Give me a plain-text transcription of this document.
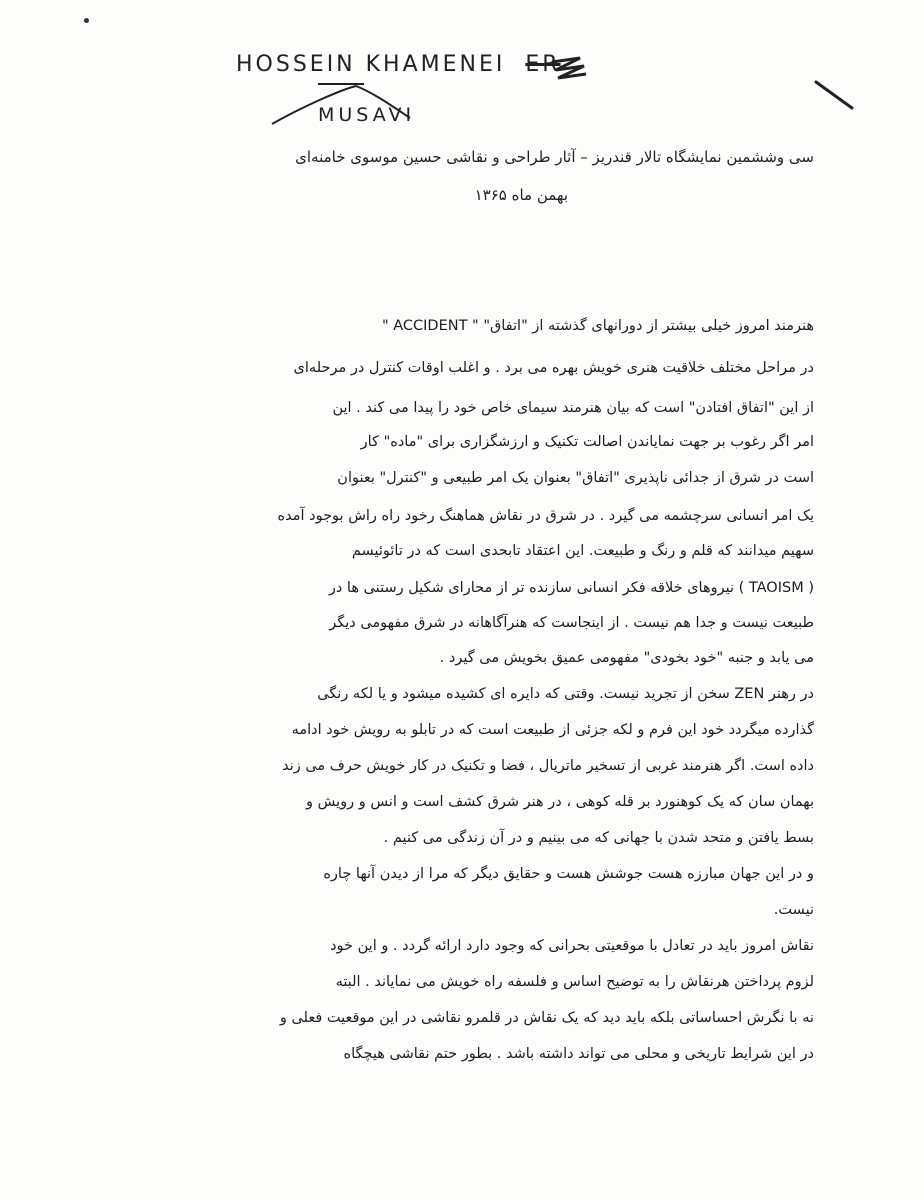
HOSSEIN KHAMENEI ER
MUSAVI
سی وششمین نمایشگاه تالار قندریز – آثار طراحی و نقاشی حسین موسوی خامنه‌ای
بهمن ماه ۱۳۶۵
هنرمند امروز خیلی بیشتر از دورانهای گذشته از "اتفاق" " ACCIDENT "
در مراحل مختلف خلاقیت هنری خویش بهره می برد . و اغلب اوقات کنترل در مرحله‌ای
از این "اتفاق افتادن" است که بیان هنرمند سیمای خاص خود را پیدا می کند . این
امر اگر رغوب بر جهت نمایاندن اصالت تکنیک و ارزشگزاری برای "ماده" کار
است در شرق از جدائی ناپذیری "اتفاق" بعنوان یک امر طبیعی و "کنترل" بعنوان
یک امر انسانی سرچشمه می گیرد . در شرق در نقاش هماهنگ رخود راه راش بوجود آمده
سهیم میدانند که قلم و رنگ و طبیعت. این اعتقاد تابحدی است که در تائوئیسم
( TAOISM ) نیروهای خلاقه فکر انسانی سازنده تر از محارای شکیل رستنی ها در
طبیعت نیست و جدا هم نیست . از اینجاست که هنرآگاهانه در شرق مفهومی دیگر
می یابد و جنبه "خود بخودی" مفهومی عمیق بخویش می گیرد .
در رهنر ZEN سخن از تجرید نیست. وقتی که دایره ای کشیده میشود و یا لکه رنگی
گذارده میگردد خود این فرم و لکه جزئی از طبیعت است که در تابلو به رویش خود ادامه
داده است. اگر هنرمند غربی از تسخیر ماتریال ، فضا و تکنیک در کار خویش حرف می زند
بهمان سان که یک کوهنورد بر قله کوهی ، در هنر شرق کشف است و انس و رویش و
بسط یافتن و متحد شدن با جهانی که می بینیم و در آن زندگی می کنیم .
و در این جهان مبارزه هست جوشش هست و حقایق دیگر که مرا از دیدن آنها چاره
نیست.
نقاش امروز باید در تعادل با موقعیتی بحرانی که وجود دارد ارائه گردد . و این خود
لزوم پرداختن هرنقاش را به توضیح اساس و فلسفه راه خویش می نمایاند . البته
نه با نگرش احساساتی بلکه باید دید که یک نقاش در قلمرو نقاشی در این موقعیت فعلی و
در این شرایط تاریخی و محلی می تواند داشته باشد . بطور حتم نقاشی هیچگاه
